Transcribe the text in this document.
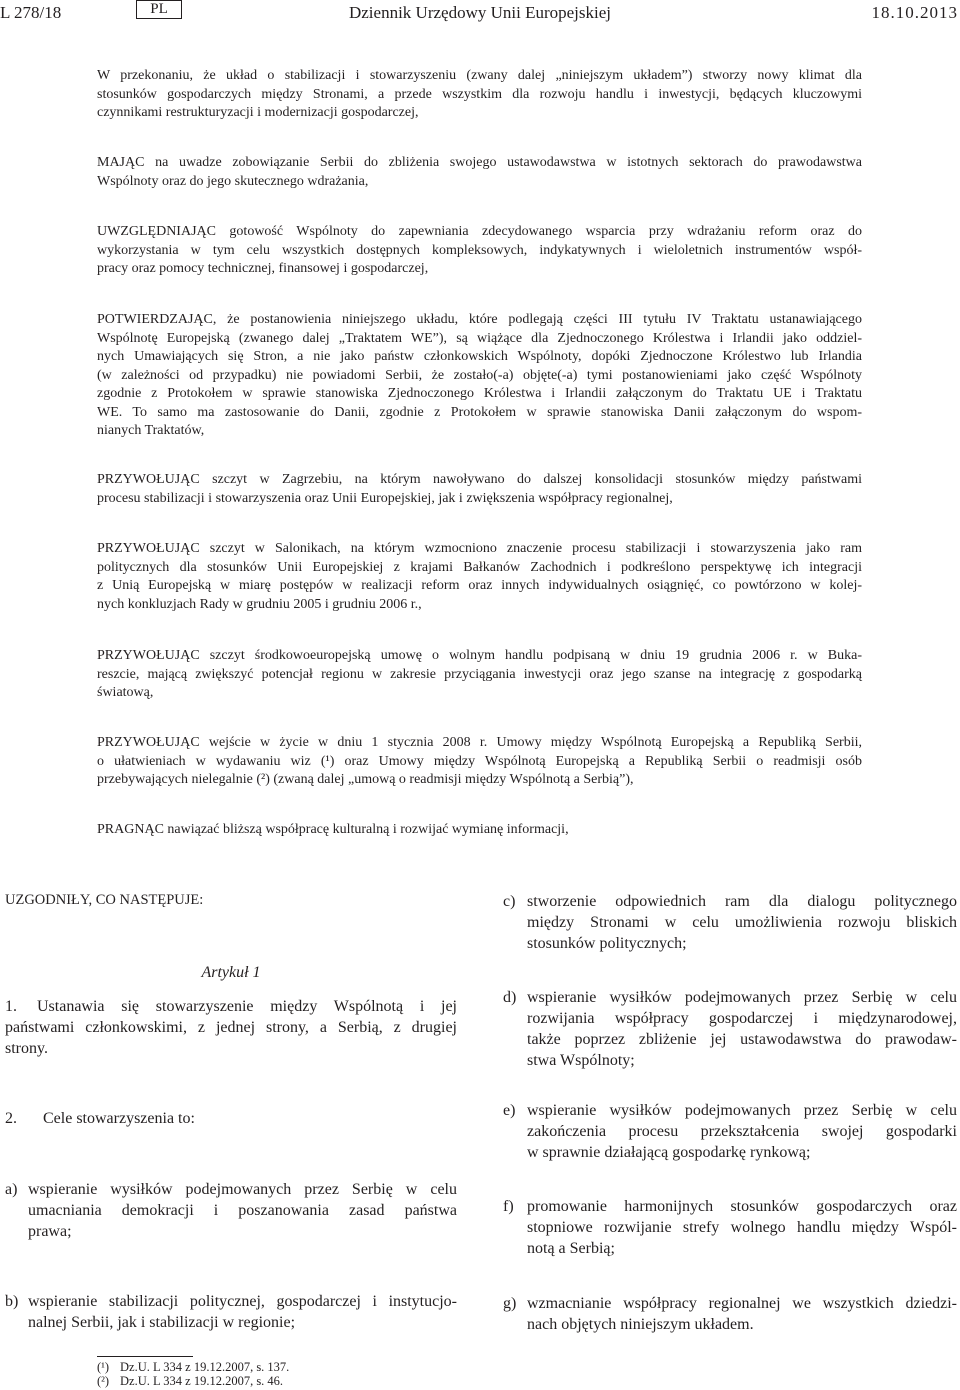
L 278/18	PL	Dziennik Urzędowy Unii Europejskiej	18.10.2013
W przekonaniu, że układ o stabilizacji i stowarzyszeniu (zwany dalej „niniejszym układem”) stworzy nowy klimat dla
stosunków gospodarczych między Stronami, a przede wszystkim dla rozwoju handlu i inwestycji, będących kluczowymi
czynnikami restrukturyzacji i modernizacji gospodarczej,
MAJĄC na uwadze zobowiązanie Serbii do zbliżenia swojego ustawodawstwa w istotnych sektorach do prawodawstwa
Wspólnoty oraz do jego skutecznego wdrażania,
UWZGLĘDNIAJĄC gotowość Wspólnoty do zapewniania zdecydowanego wsparcia przy wdrażaniu reform oraz do
wykorzystania w tym celu wszystkich dostępnych kompleksowych, indykatywnych i wieloletnich instrumentów współ-
pracy oraz pomocy technicznej, finansowej i gospodarczej,
POTWIERDZAJĄC, że postanowienia niniejszego układu, które podlegają części III tytułu IV Traktatu ustanawiającego
Wspólnotę Europejską (zwanego dalej „Traktatem WE”), są wiążące dla Zjednoczonego Królestwa i Irlandii jako oddziel-
nych Umawiających się Stron, a nie jako państw członkowskich Wspólnoty, dopóki Zjednoczone Królestwo lub Irlandia
(w zależności od przypadku) nie powiadomi Serbii, że zostało(-a) objęte(-a) tymi postanowieniami jako część Wspólnoty
zgodnie z Protokołem w sprawie stanowiska Zjednoczonego Królestwa i Irlandii załączonym do Traktatu UE i Traktatu
WE. To samo ma zastosowanie do Danii, zgodnie z Protokołem w sprawie stanowiska Danii załączonym do wspom-
nianych Traktatów,
PRZYWOŁUJĄC szczyt w Zagrzebiu, na którym nawoływano do dalszej konsolidacji stosunków między państwami
procesu stabilizacji i stowarzyszenia oraz Unii Europejskiej, jak i zwiększenia współpracy regionalnej,
PRZYWOŁUJĄC szczyt w Salonikach, na którym wzmocniono znaczenie procesu stabilizacji i stowarzyszenia jako ram
politycznych dla stosunków Unii Europejskiej z krajami Bałkanów Zachodnich i podkreślono perspektywę ich integracji
z Unią Europejską w miarę postępów w realizacji reform oraz innych indywidualnych osiągnięć, co powtórzono w kolej-
nych konkluzjach Rady w grudniu 2005 i grudniu 2006 r.,
PRZYWOŁUJĄC szczyt środkowoeuropejską umowę o wolnym handlu podpisaną w dniu 19 grudnia 2006 r. w Buka-
reszcie, mającą zwiększyć potencjał regionu w zakresie przyciągania inwestycji oraz jego szanse na integrację z gospodarką
światową,
PRZYWOŁUJĄC wejście w życie w dniu 1 stycznia 2008 r. Umowy między Wspólnotą Europejską a Republiką Serbii,
o ułatwieniach w wydawaniu wiz (¹) oraz Umowy między Wspólnotą Europejską a Republiką Serbii o readmisji osób
przebywających nielegalnie (²) (zwaną dalej „umową o readmisji między Wspólnotą a Serbią”),
PRAGNĄC nawiązać bliższą współpracę kulturalną i rozwijać wymianę informacji,
UZGODNIŁY, CO NASTĘPUJE:
Artykuł 1
1. Ustanawia się stowarzyszenie między Wspólnotą i jej
państwami członkowskimi, z jednej strony, a Serbią, z drugiej
strony.
2. Cele stowarzyszenia to:
a) wspieranie wysiłków podejmowanych przez Serbię w celu
umacniania demokracji i poszanowania zasad państwa
prawa;
b) wspieranie stabilizacji politycznej, gospodarczej i instytucjo-
nalnej Serbii, jak i stabilizacji w regionie;
c) stworzenie odpowiednich ram dla dialogu politycznego
między Stronami w celu umożliwienia rozwoju bliskich
stosunków politycznych;
d) wspieranie wysiłków podejmowanych przez Serbię w celu
rozwijania współpracy gospodarczej i międzynarodowej,
także poprzez zbliżenie jej ustawodawstwa do prawodaw-
stwa Wspólnoty;
e) wspieranie wysiłków podejmowanych przez Serbię w celu
zakończenia procesu przekształcenia swojej gospodarki
w sprawnie działającą gospodarkę rynkową;
f) promowanie harmonijnych stosunków gospodarczych oraz
stopniowe rozwijanie strefy wolnego handlu między Wspól-
notą a Serbią;
g) wzmacnianie współpracy regionalnej we wszystkich dziedzi-
nach objętych niniejszym układem.
(¹) Dz.U. L 334 z 19.12.2007, s. 137.
(²) Dz.U. L 334 z 19.12.2007, s. 46.
